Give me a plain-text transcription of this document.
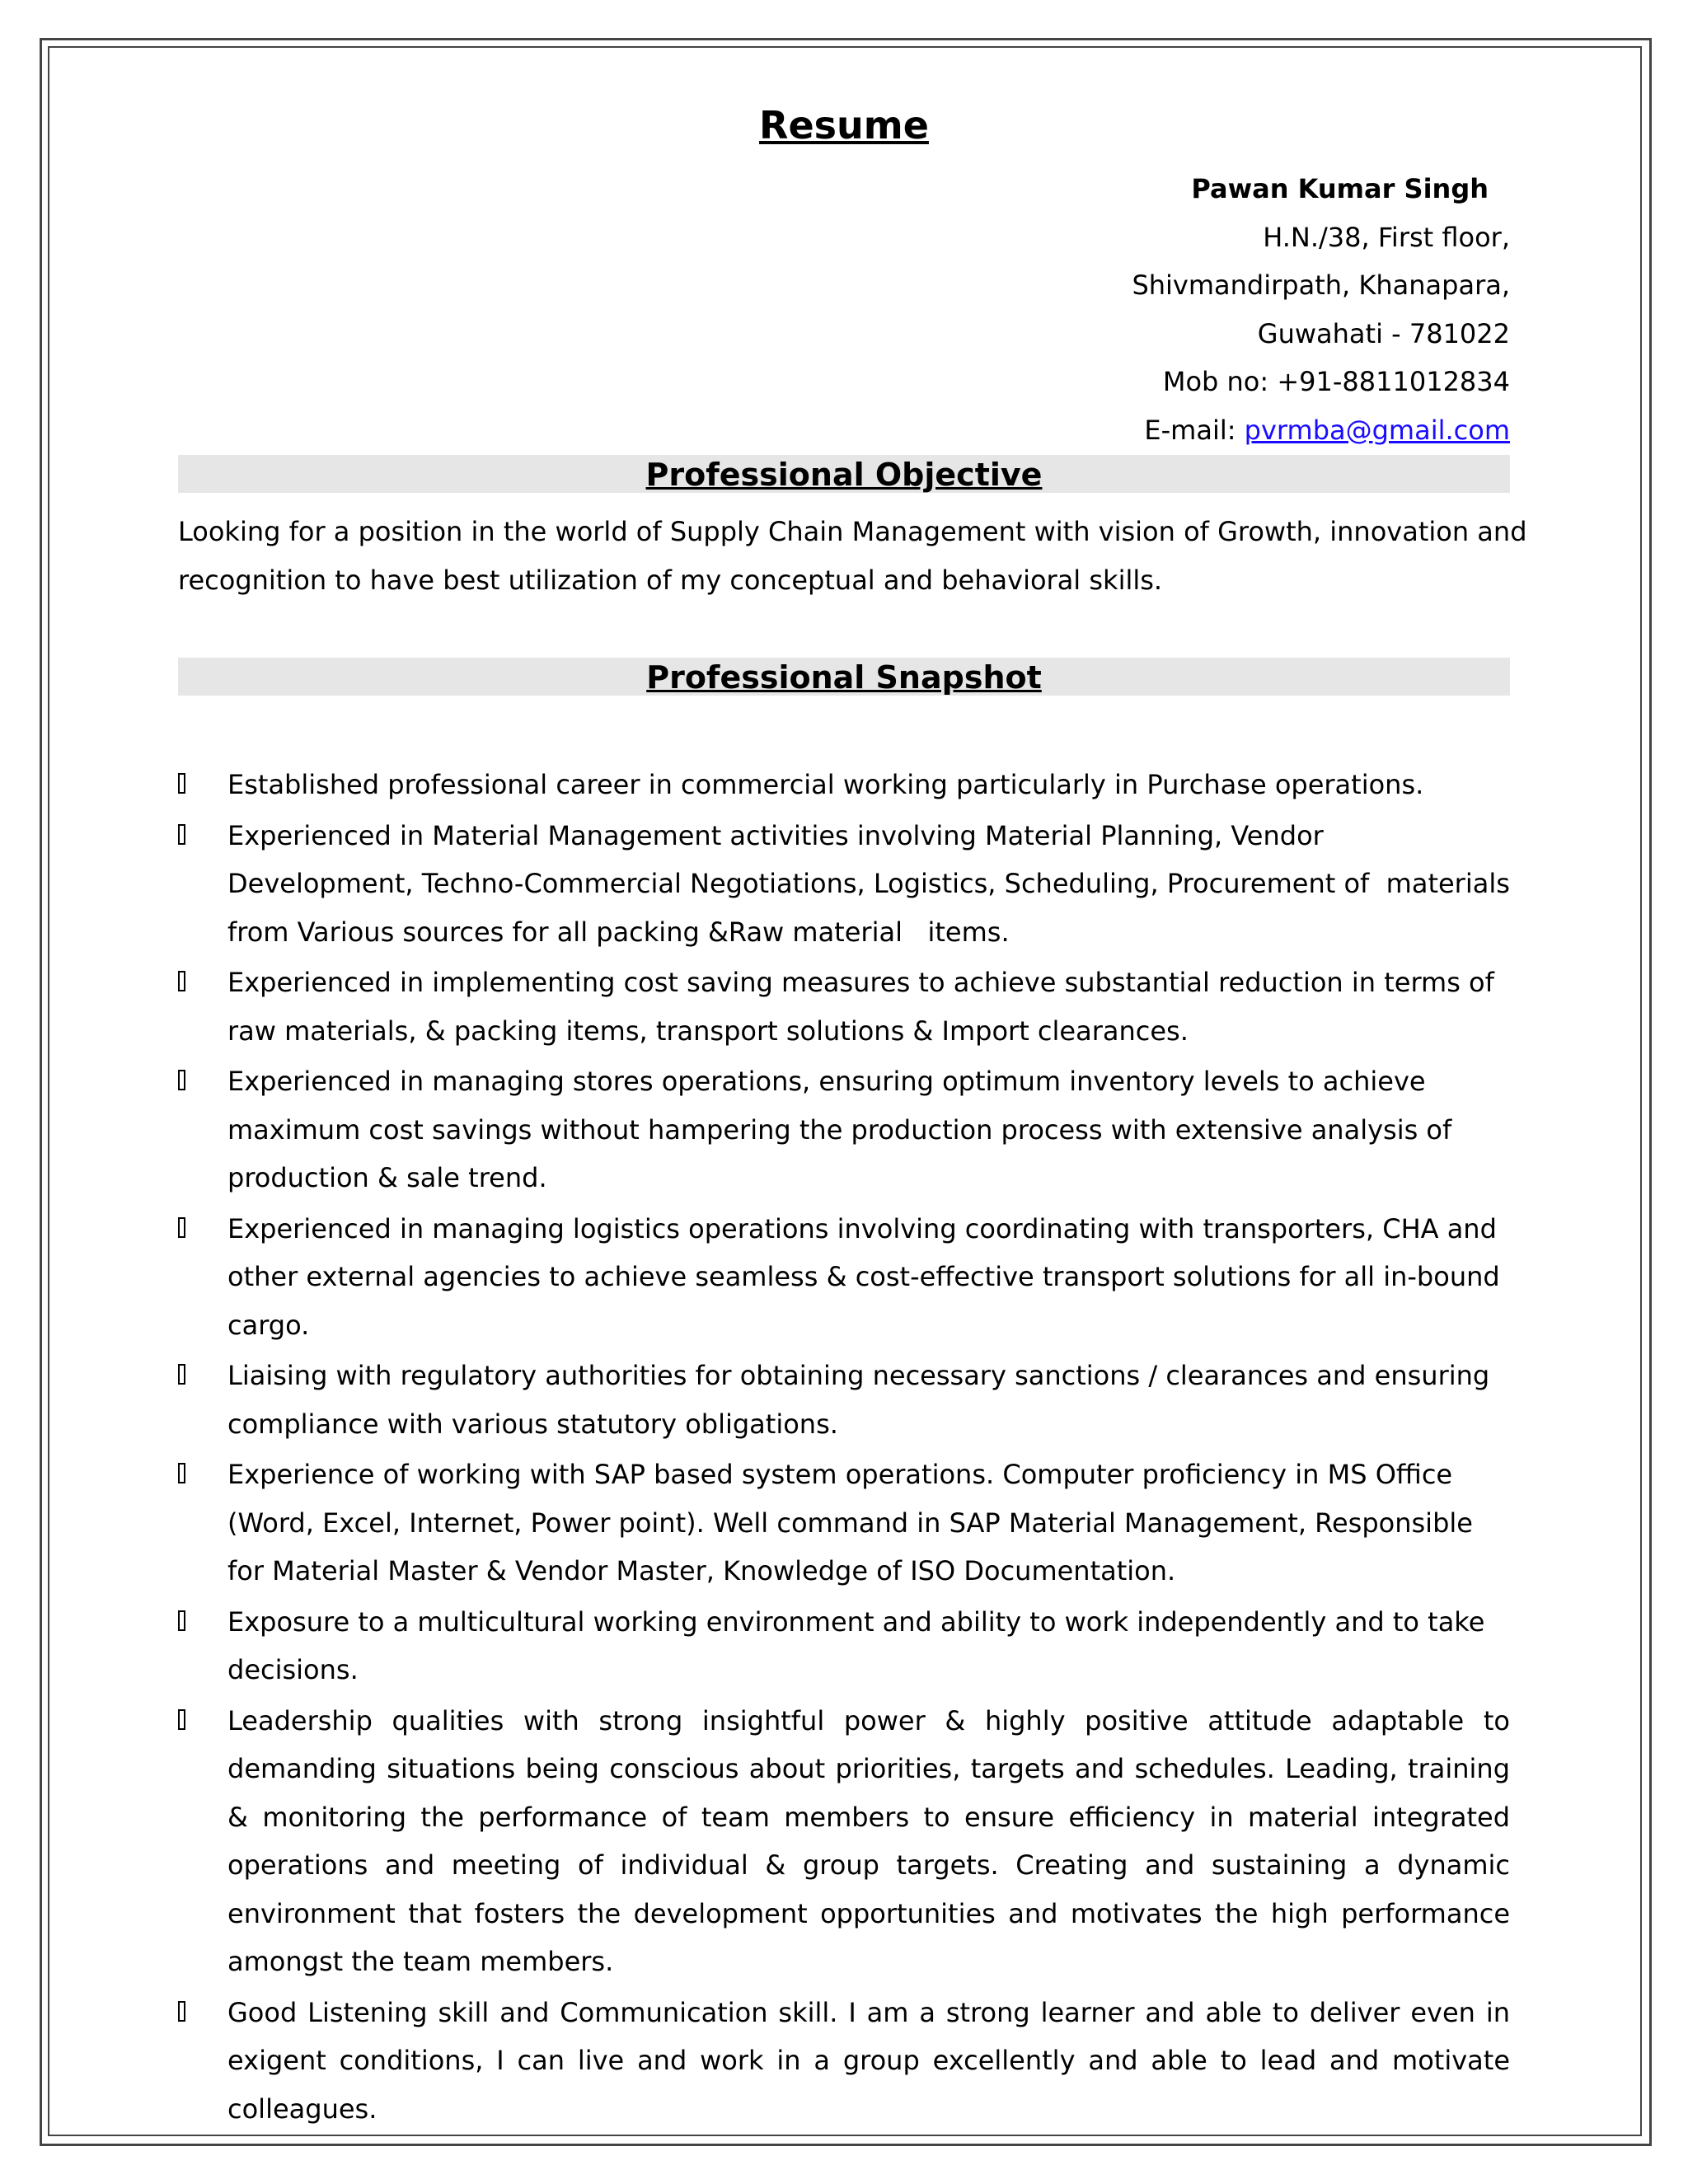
Resume
Pawan Kumar Singh
H.N./38, First floor,
Shivmandirpath, Khanapara,
Guwahati - 781022
Mob no: +91-8811012834
E-mail: pvrmba@gmail.com
Professional Objective
Looking for a position in the world of Supply Chain Management with vision of Growth, innovation and recognition to have best utilization of my conceptual and behavioral skills.
Professional Snapshot
Established professional career in commercial working particularly in Purchase operations.
Experienced in Material Management activities involving Material Planning, Vendor Development, Techno-Commercial Negotiations, Logistics, Scheduling, Procurement of  materials from Various sources for all packing &Raw material   items.
Experienced in implementing cost saving measures to achieve substantial reduction in terms of raw materials, & packing items, transport solutions & Import clearances.
Experienced in managing stores operations, ensuring optimum inventory levels to achieve maximum cost savings without hampering the production process with extensive analysis of  production & sale trend.
Experienced in managing logistics operations involving coordinating with transporters, CHA and other external agencies to achieve seamless & cost-effective transport solutions for all in-bound cargo.
Liaising with regulatory authorities for obtaining necessary sanctions / clearances and ensuring compliance with various statutory obligations.
Experience of working with SAP based system operations. Computer proficiency in MS Office (Word, Excel, Internet, Power point). Well command in SAP Material Management, Responsible for Material Master & Vendor Master, Knowledge of ISO Documentation.
Exposure to a multicultural working environment and ability to work independently and to take decisions.
Leadership qualities with strong insightful power & highly positive attitude adaptable to demanding situations being conscious about priorities, targets and schedules. Leading, training & monitoring the performance of team members to ensure efficiency in material integrated operations and meeting of individual & group targets. Creating and sustaining a dynamic environment that fosters the development opportunities and motivates the high performance amongst the team members.
Good Listening skill and Communication skill. I am a strong learner and able to deliver even in exigent conditions, I can live and work in a group excellently and able to lead and motivate colleagues.
